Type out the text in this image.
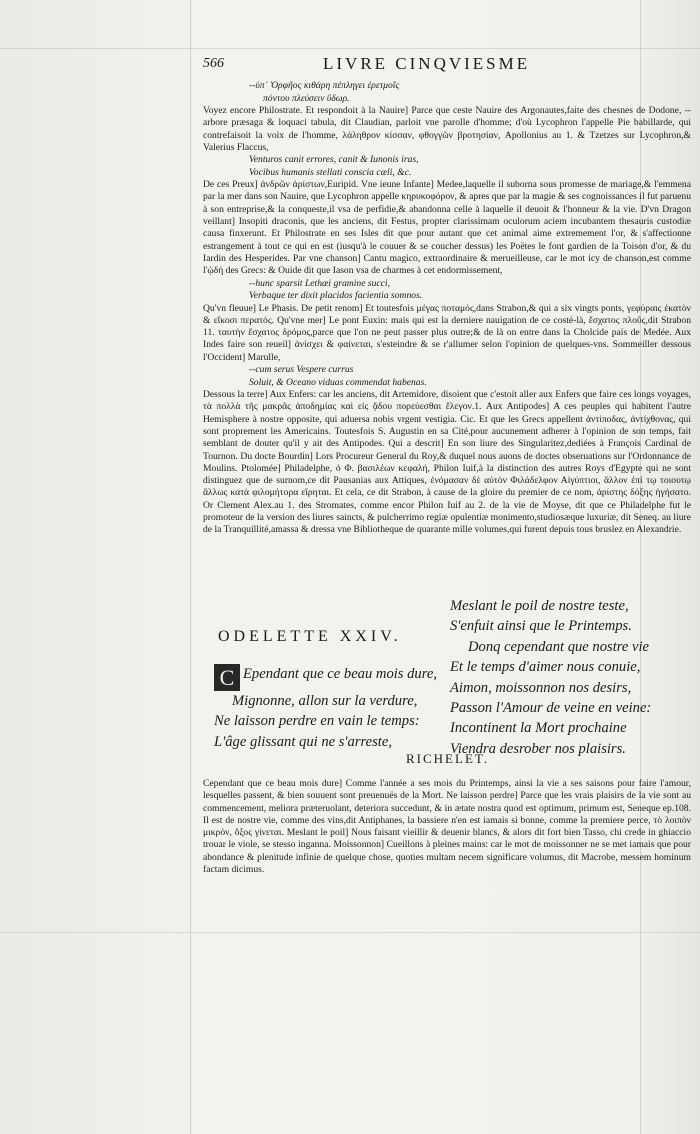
566	LIVRE CINQVIESME

--ὑπ᾽ Ὀρφῆος κιθάρη πέπληγει ἐρετμοῖς

πόντου πλεύσειν ὕδωρ.

Voyez encore Philostrate. Et respondoit à la Nauire] Parce que ceste Nauire des Argonautes,faite des chesnes de Dodone, --arbore præsaga & loquaci tabula, dit Claudian, parloit vne parolle d'homme; d'où Lycophron l'appelle Pie babillarde, qui contrefaisoit la voix de l'homme, λάληθρον κίσσαν, φθογγῶν βροτησίαν, Apollonius au 1. & Tzetzes sur Lycophron,& Valerius Flaccus,

Venturos canit errores, canit & Iunonis iras,

Vocibus humanis stellati conscia cæli, &c.

De ces Preux] ἀνδρῶν ἀρίστων,Euripid. Vne ieune Infante] Medee,laquelle il suborna sous promesse de mariage,& l'emmena par la mer dans son Nauire, que Lycophron appelle κηρυκοφόρον, & apres que par la magie & ses cognoissances il fut paruenu à son entreprise,& la conqueste,il vsa de perfidie,& abandonna celle à laquelle il deuoit & l'honneur & la vie. D'vn Dragon veillant] Insopiti draconis, que les anciens, dit Festus, propter clarissimam oculorum aciem incubantem thesauris custodiæ causa finxerunt. Et Philostrate en ses Isles dit que pour autant que cet animal aime extremement l'or, & s'affectionne estrangement à tout ce qui en est (iusqu'à le couuer & se coucher dessus) les Poëtes le font gardien de la Toison d'or, & du Iardin des Hesperides. Par vne chanson] Cantu magico, extraordinaire & merueilleuse, car le mot icy de chanson,est comme l'ᾠδή des Grecs: & Ouide dit que Iason vsa de charmes à cet endormissement,

--hunc sparsit Lethæi gramine succi,

Verbaque ter dixit placidos facientia somnos.

Qu'vn fleuue] Le Phasis. De petit renom] Et toutesfois μέγας ποταμός,dans Strabon,& qui a six vingts ponts, γεφύραις ἐκατὸν & εἴκοσι περατός. Qu'vne mer] Le pont Euxin: mais qui est la derniere nauigation de ce costé-là, ἔσχατος πλοῦς,dit Strabon 11. ταυτὴν ἔσχατος δρόμος,parce que l'on ne peut passer plus outre;& de là on entre dans la Cholcide païs de Medée. Aux Indes faire son reueil] ἀνίσχει & φαίνεται, s'esteindre & se r'allumer selon l'opinion de quelques-vns. Sommeiller dessous l'Occident] Marulle,

--cum serus Vespere currus

Soluit, & Oceano viduas commendat habenas.

Dessous la terre] Aux Enfers: car les anciens, dit Artemidore, disoient que c'estoit aller aux Enfers que faire ces longs voyages, τὰ πολλὰ τῆς μακρᾶς ἀποδημίας καὶ εἰς ᾅδου πορεύεσθαι ἔλεγον.1. Aux Antipodes] A ces peuples qui habitent l'autre Hemisphere à nostre opposite, qui aduersa nobis vrgent vestigia. Cic. Et que les Grecs appellent ἀντίποδας, ἀντίχθονας, qui sont proprement les Americains. Toutesfois S. Augustin en sa Cité,pour aucunement adherer à l'opinion de son temps, fait semblant de douter qu'il y ait des Antipodes. Qui a descrit] En son liure des Singularitez,dediées à François Cardinal de Tournon. Du docte Bourdin] Lors Procureur General du Roy,& duquel nous auons de doctes obseruations sur l'Ordonnance de Moulins. Ptolomée] Philadelphe, ὁ Φ. βασιλέων κεφαλή, Philon Iuif,à la distinction des autres Roys d'Egypte qui ne sont distinguez que de surnom,ce dit Pausanias aux Attiques, ἐνόμασαν δὲ αὐτὸν Φιλάδελφον Αἰγύπτιοι, ἄλλον ἐπί τῳ τοιουτῳ ἄλλως κατὰ φιλομήτορα εἴρηται. Et cela, ce dit Strabon, à cause de la gloire du premier de ce nom, ἀρίστης δόξης ἡγήσατο. Or Clement Alex.au 1. des Stromates, comme encor Philon Iuif au 2. de la vie de Moyse, dit que ce Philadelphe fut le promoteur de la version des liures saincts, & pulcherrimo regiæ opulentiæ monimento,studiosæque luxuriæ, dit Seneq. au liure de la Tranquillité,amassa & dressa vne Bibliotheque de quarante mille volumes,qui furent depuis tous bruslez en Alexandrie.

ODELETTE XXIV.
C Ependant que ce beau mois dure,
Mignonne, allon sur la verdure,
Ne laisson perdre en vain le temps:
L'âge glissant qui ne s'arreste,
Meslant le poil de nostre teste,
S'enfuit ainsi que le Printemps.
Donq cependant que nostre vie
Et le temps d'aimer nous conuie,
Aimon, moissonnon nos desirs,
Passon l'Amour de veine en veine:
Incontinent la Mort prochaine
Viendra desrober nos plaisirs.
RICHELET.

Cependant que ce beau mois dure] Comme l'année a ses mois du Printemps, ainsi la vie a ses saisons pour faire l'amour, lesquelles passent, & bien souuent sont preuenuës de la Mort. Ne laisson perdre] Parce que les vrais plaisirs de la vie sont au commencement, meliora præteruolant, deteriora succedunt, & in ætate nostra quod est optimum, primum est, Seneque ep.108. Il est de nostre vie, comme des vins,dit Antiphanes, la bassiere n'en est iamais si bonne, comme la premiere perce, τὸ λοιπὸν μικρόν, ὄξος γίνεται. Meslant le poil] Nous faisant vieillir & deuenir blancs, & alors dit fort bien Tasso, chi crede in ghiaccio trouar le viole, se stesso inganna. Moissonnon] Cueillons à pleines mains: car le mot de moissonner ne se met iamais que pour abondance & plenitude infinie de quelque chose, quoties multam necem significare volumus, dit Macrobe, messem hominum factam dicimus.
